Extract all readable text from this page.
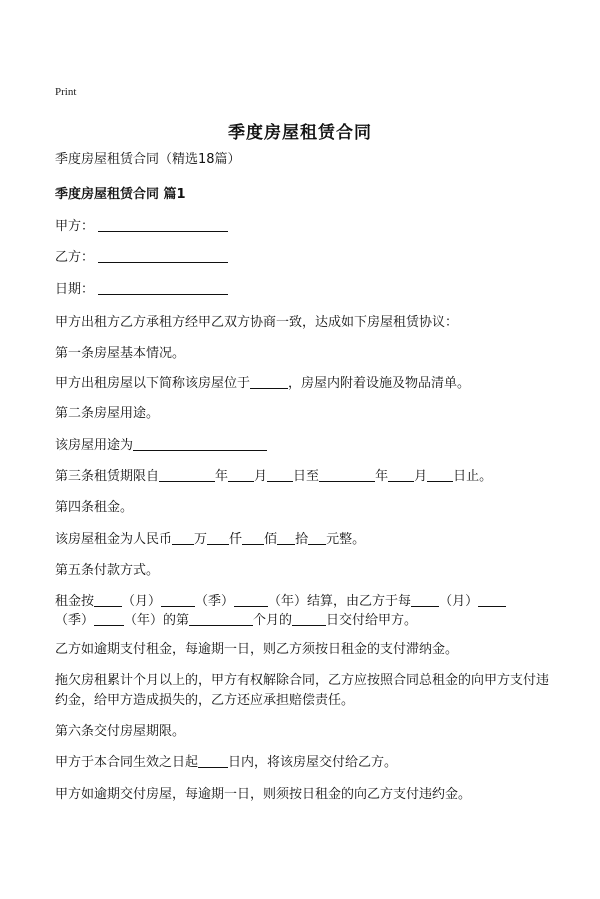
Print
季度房屋租赁合同
季度房屋租赁合同（精选18篇）
季度房屋租赁合同 篇1
甲方：
乙方：
日期：
甲方出租方乙方承租方经甲乙双方协商一致，达成如下房屋租赁协议：
第一条房屋基本情况。
甲方出租房屋以下简称该房屋位于	，房屋内附着设施及物品清单。
第二条房屋用途。
该房屋用途为
第三条租赁期限自	年 月 日至	年 月 日止。
第四条租金。
该房屋租金为人民币 万 仟 佰 拾 元整。
第五条付款方式。
租金按 （月）	（季）	（年）结算，由乙方于每 （月）
（季） （年）的第	个月的	日交付给甲方。
乙方如逾期支付租金，每逾期一日，则乙方须按日租金的支付滞纳金。
拖欠房租累计个月以上的，甲方有权解除合同，乙方应按照合同总租金的向甲方支付违约金，给甲方造成损失的，乙方还应承担赔偿责任。
第六条交付房屋期限。
甲方于本合同生效之日起 日内，将该房屋交付给乙方。
甲方如逾期交付房屋，每逾期一日，则须按日租金的向乙方支付违约金。
